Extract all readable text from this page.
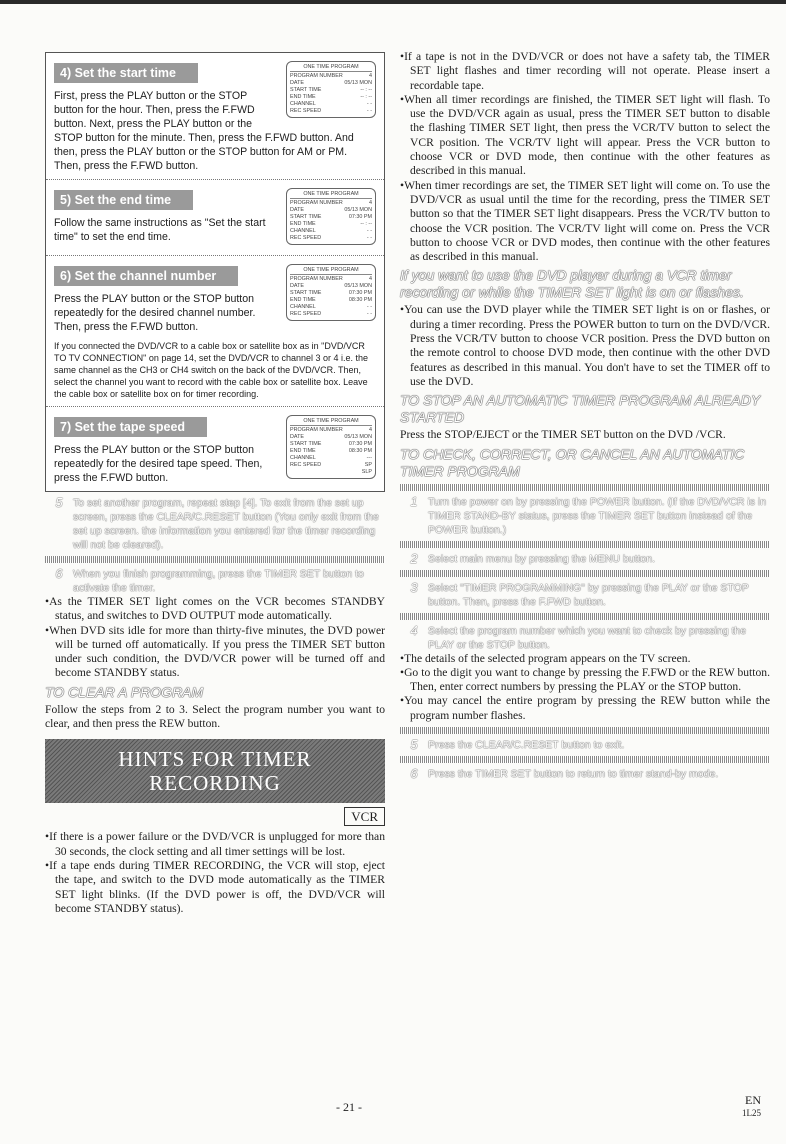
ONE TIME PROGRAM
PROGRAM NUMBER	4
DATE	05/13 MON
START TIME	-- : --
END TIME	-- : --
CHANNEL	- -
REC SPEED	- -
4) Set the start time
First, press the PLAY button or the STOP button for the hour. Then, press the F.FWD button. Next, press the PLAY button or the STOP button for the minute. Then, press the F.FWD button. And then, press the PLAY button or the STOP button for AM or PM. Then, press the F.FWD button.
ONE TIME PROGRAM
PROGRAM NUMBER	4
DATE	05/13 MON
START TIME	07:30 PM
END TIME	-- : --
CHANNEL	- -
REC SPEED	- -
5) Set the end time
Follow the same instructions as "Set the start time" to set the end time.
ONE TIME PROGRAM
PROGRAM NUMBER	4
DATE	05/13 MON
START TIME	07:30 PM
END TIME	08:30 PM
CHANNEL	- -
REC SPEED	- -
6) Set the channel number
Press the PLAY button or the STOP button repeatedly for the desired channel number. Then, press the F.FWD button.
If you connected the DVD/VCR to a cable box or satellite box as in "DVD/VCR TO TV CONNECTION" on page 14, set the DVD/VCR to channel 3 or 4 i.e. the same channel as the CH3 or CH4 switch on the back of the DVD/VCR. Then, select the channel you want to record with the cable box or satellite box. Leave the cable box or satellite box on for timer recording.
ONE TIME PROGRAM
PROGRAM NUMBER	4
DATE	05/13 MON
START TIME	07:30 PM
END TIME	08:30 PM
CHANNEL	---
REC SPEED	SP
SLP
7) Set the tape speed
Press the PLAY button or the STOP button repeatedly for the desired tape speed. Then, press the F.FWD button.
5 To set another program, repeat step [4]. To exit from the set up screen, press the CLEAR/C.RESET button (You only exit from the set up screen. the information you entered for the timer recording will not be cleared).
6 When you finish programming, press the TIMER SET button to activate the timer.

• As the TIMER SET light comes on the VCR becomes STANDBY status, and switches to DVD OUTPUT mode automatically.

• When DVD sits idle for more than thirty-five minutes, the DVD power will be turned off automatically. If you press the TIMER SET button under such condition, the DVD/VCR power will be turned off and become STANDBY status.

TO CLEAR A PROGRAM

Follow the steps from 2 to 3. Select the program number you want to clear, and then press the REW button.

HINTS FOR TIMER
RECORDING
VCR

• If there is a power failure or the DVD/VCR is unplugged for more than 30 seconds, the clock setting and all timer settings will be lost.

• If a tape ends during TIMER RECORDING, the VCR will stop, eject the tape, and switch to the DVD mode automatically as the TIMER SET light blinks. (If the DVD power is off, the DVD/VCR will become STANDBY status).

• If a tape is not in the DVD/VCR or does not have a safety tab, the TIMER SET light flashes and timer recording will not operate. Please insert a recordable tape.

• When all timer recordings are finished, the TIMER SET light will flash. To use the DVD/VCR again as usual, press the TIMER SET button to disable the flashing TIMER SET light, then press the VCR/TV button to select the VCR position. The VCR/TV light will appear. Press the VCR button to choose VCR or DVD mode, then continue with the other features as described in this manual.

• When timer recordings are set, the TIMER SET light will come on. To use the DVD/VCR as usual until the time for the recording, press the TIMER SET button so that the TIMER SET light disappears. Press the VCR/TV button to choose the VCR position. The VCR/TV light will come on. Press the VCR button to choose VCR or DVD modes, then continue with the other features as described in this manual.

If you want to use the DVD player during a VCR timer recording or while the TIMER SET light is on or flashes.

• You can use the DVD player while the TIMER SET light is on or flashes, or during a timer recording. Press the POWER button to turn on the DVD/VCR. Press the VCR/TV button to choose VCR position. Press the DVD button on the remote control to choose DVD mode, then continue with the other DVD features as described in this manual. You don't have to set the TIMER off to use the DVD.

TO STOP AN AUTOMATIC TIMER PROGRAM ALREADY STARTED

Press the STOP/EJECT or the TIMER SET button on the DVD /VCR.

TO CHECK, CORRECT, OR CANCEL AN AUTOMATIC TIMER PROGRAM
1 Turn the power on by pressing the POWER button. (If the DVD/VCR is in TIMER STAND-BY status, press the TIMER SET button instead of the POWER button.)
2 Select main menu by pressing the MENU button.
3 Select "TIMER PROGRAMMING" by pressing the PLAY or the STOP button. Then, press the F.FWD button.
4 Select the program number which you want to check by pressing the PLAY or the STOP button.

• The details of the selected program appears on the TV screen.

• Go to the digit you want to change by pressing the F.FWD or the REW button. Then, enter correct numbers by pressing the PLAY or the STOP button.

• You may cancel the entire program by pressing the REW button while the program number flashes.

5 Press the CLEAR/C.RESET button to exit.
6 Press the TIMER SET button to return to timer stand-by mode.
- 21 -	EN
1L25
